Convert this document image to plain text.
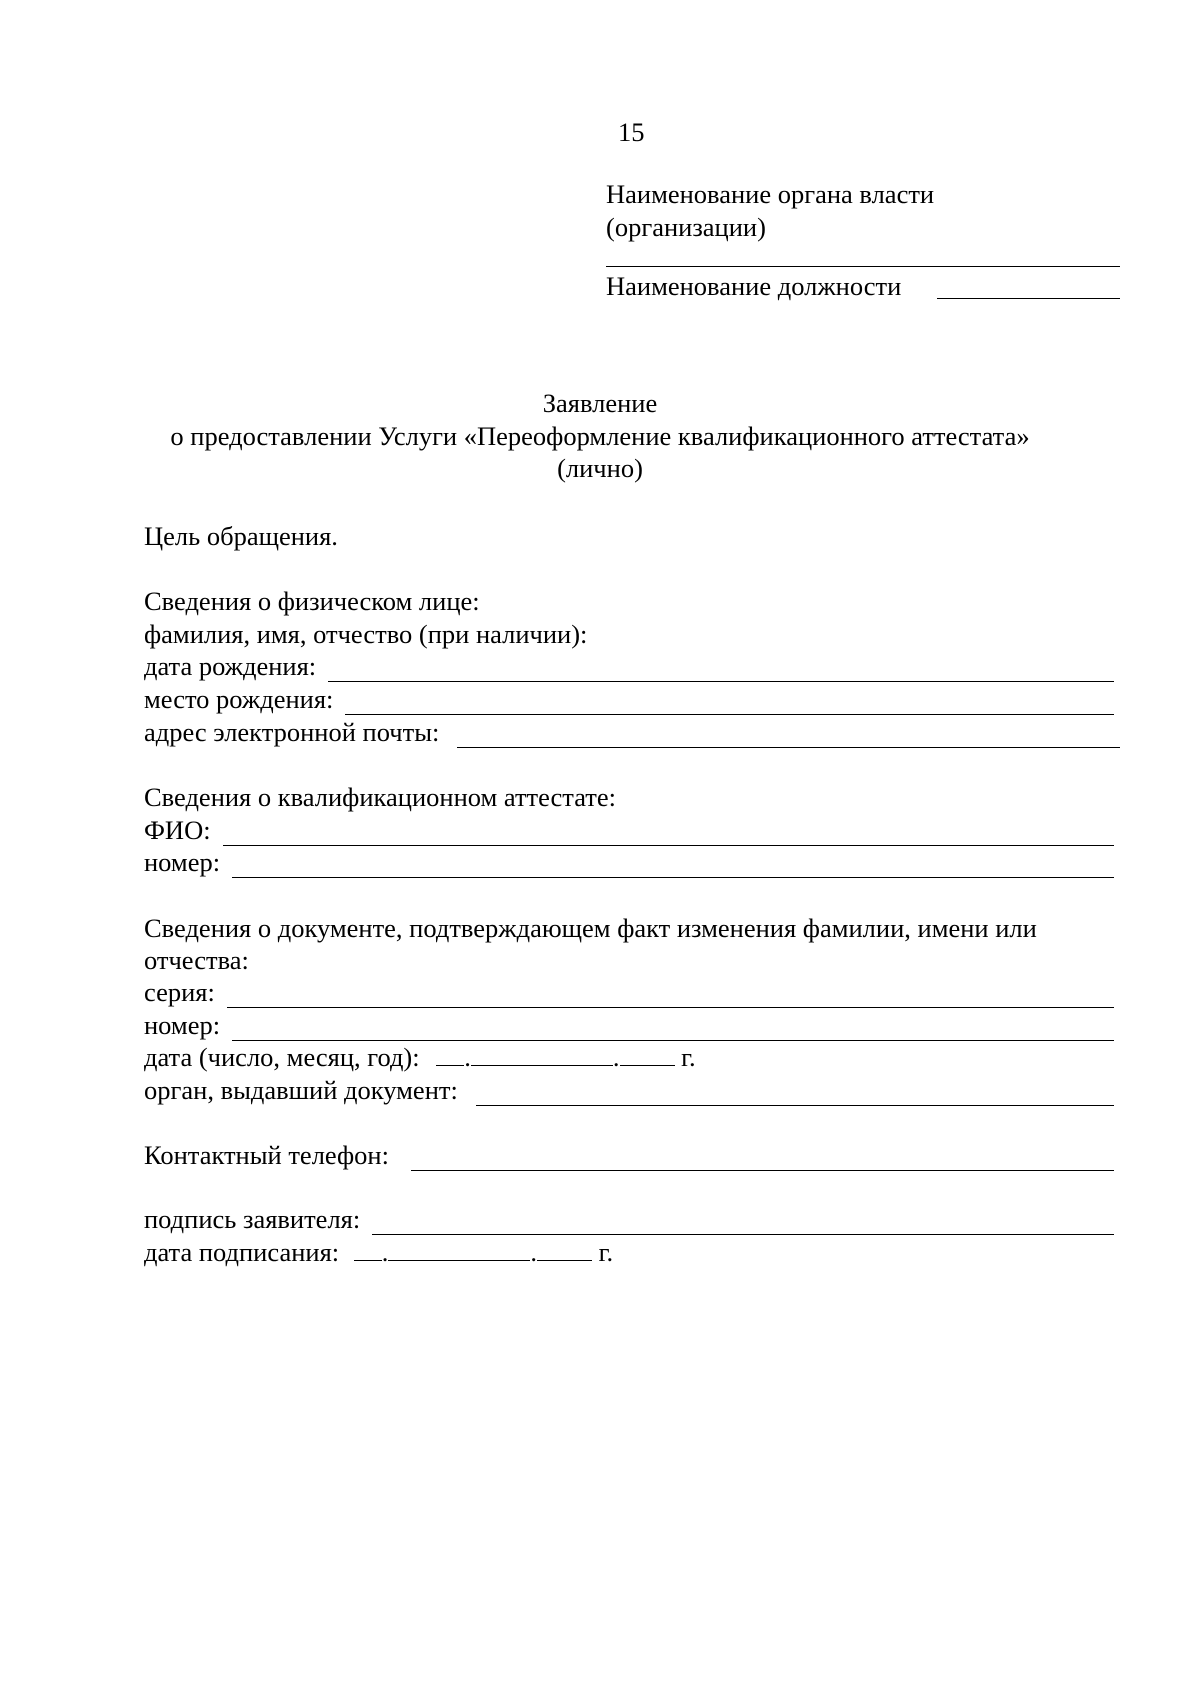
15
Наименование органа власти
(организации)
Наименование должности
Заявление
о предоставлении Услуги «Переоформление квалификационного аттестата»
(лично)
Цель обращения.
Сведения о физическом лице:
фамилия, имя, отчество (при наличии):
дата рождения:
место рождения:
адрес электронной почты:
Сведения о квалификационном аттестате:
ФИО:
номер:
Сведения о документе, подтверждающем факт изменения фамилии, имени или
отчества:
серия:
номер:
дата (число, месяц, год): .	. г.
орган, выдавший документ:
Контактный телефон:
подпись заявителя:
дата подписания: .	. г.
